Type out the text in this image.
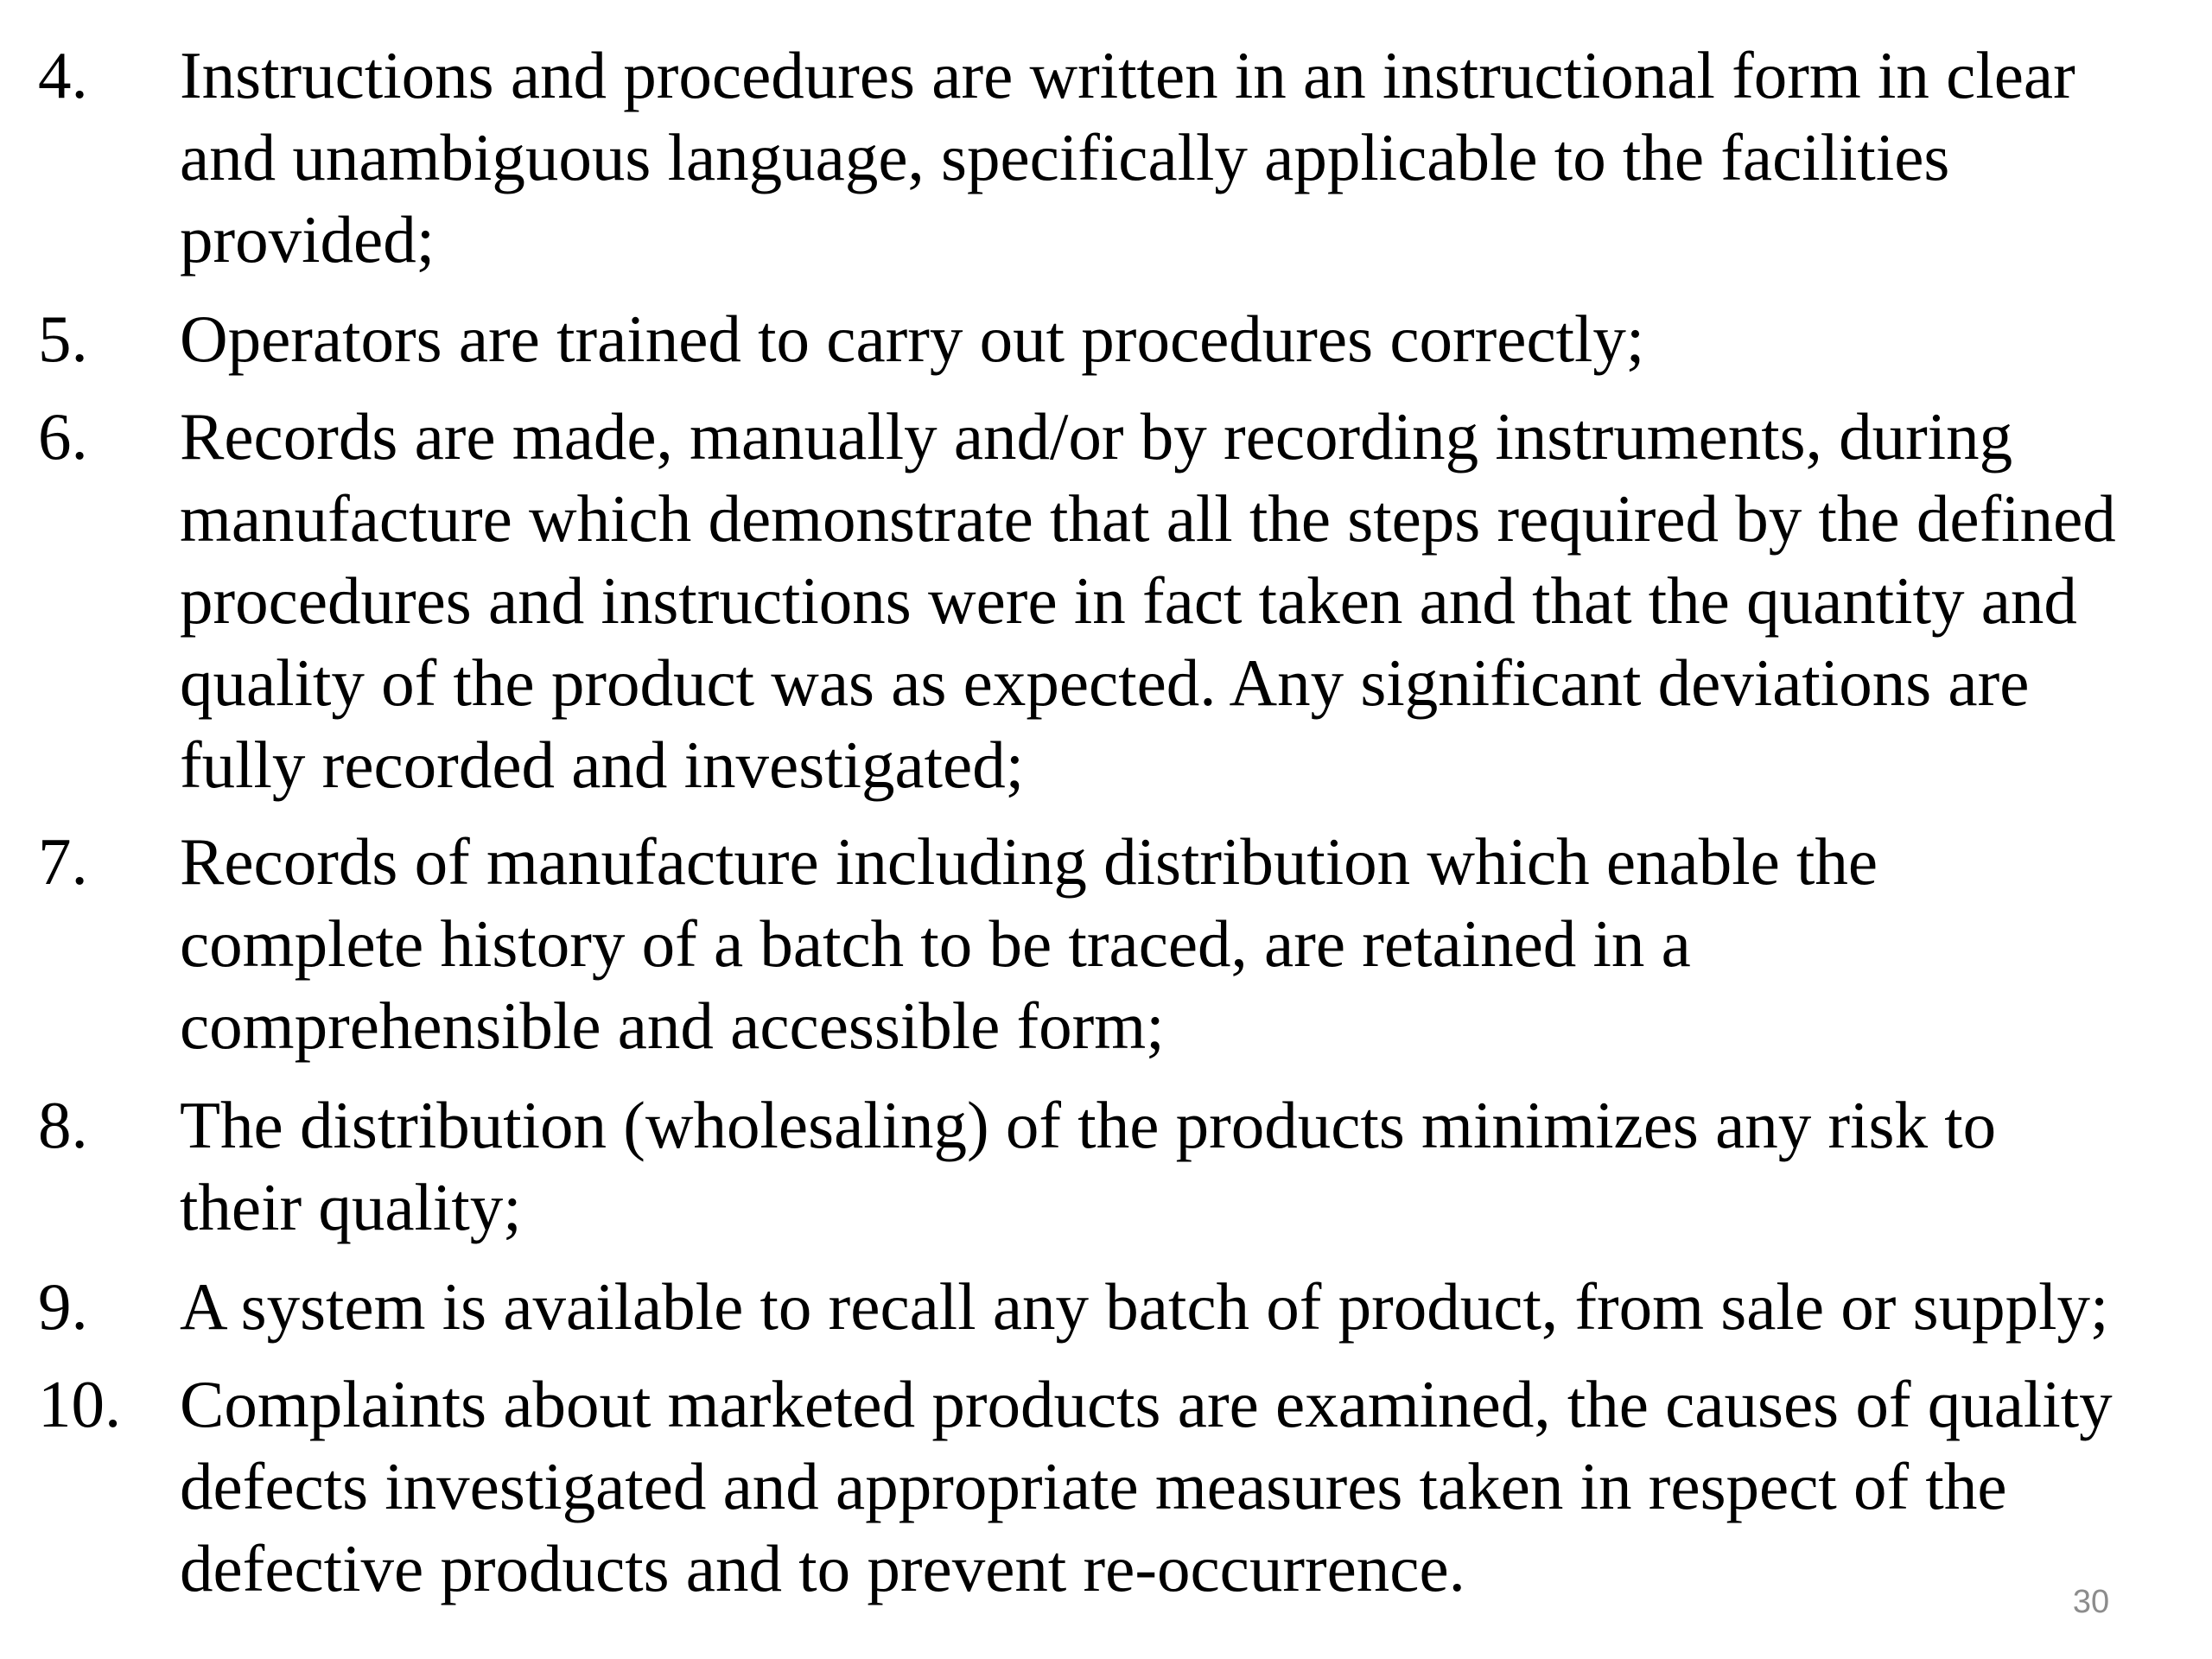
4. Instructions and procedures are written in an instructional form in clear
and unambiguous language, specifically applicable to the facilities
provided;
5. Operators are trained to carry out procedures correctly;
6. Records are made, manually and/or by recording instruments, during
manufacture which demonstrate that all the steps required by the defined
procedures and instructions were in fact taken and that the quantity and
quality of the product was as expected. Any significant deviations are
fully recorded and investigated;
7. Records of manufacture including distribution which enable the
complete history of a batch to be traced, are retained in a
comprehensible and accessible form;
8. The distribution (wholesaling) of the products minimizes any risk to
their quality;
9. A system is available to recall any batch of product, from sale or supply;
10. Complaints about marketed products are examined, the causes of quality
defects investigated and appropriate measures taken in respect of the
defective products and to prevent re-occurrence.	30
